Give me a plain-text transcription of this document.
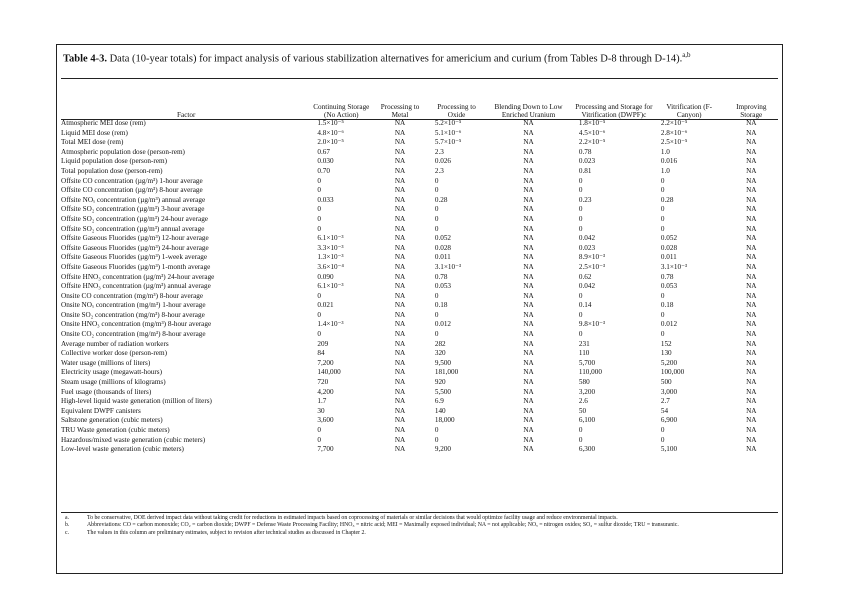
Table 4-3. Data (10-year totals) for impact analysis of various stabilization alternatives for americium and curium (from Tables D-8 through D-14).$^{a,b}$
Factor	Continuing Storage (No Action)	Processing to Metal	Processing to Oxide	Blending Down to Low Enriched Uranium	Processing and Storage for Vitrification (DWPF)c	Vitrification (F-Canyon)	Improving Storage
Atmospheric MEI dose (rem)	1.5×10⁻⁵	NA	5.2×10⁻⁵	NA	1.8×10⁻⁵	2.2×10⁻⁵	NA
Liquid MEI dose (rem)	4.8×10⁻⁶	NA	5.1×10⁻⁶	NA	4.5×10⁻⁶	2.8×10⁻⁶	NA
Total MEI dose (rem)	2.0×10⁻⁵	NA	5.7×10⁻⁵	NA	2.2×10⁻⁵	2.5×10⁻⁵	NA
Atmospheric population dose (person-rem)	0.67	NA	2.3	NA	0.78	1.0	NA
Liquid population dose (person-rem)	0.030	NA	0.026	NA	0.023	0.016	NA
Total population dose (person-rem)	0.70	NA	2.3	NA	0.81	1.0	NA
Offsite CO concentration (µg/m³) 1-hour average	0	NA	0	NA	0	0	NA
Offsite CO concentration (µg/m³) 8-hour average	0	NA	0	NA	0	0	NA
Offsite NOₓ concentration (µg/m³) annual average	0.033	NA	0.28	NA	0.23	0.28	NA
Offsite SO₂ concentration (µg/m³) 3-hour average	0	NA	0	NA	0	0	NA
Offsite SO₂ concentration (µg/m³) 24-hour average	0	NA	0	NA	0	0	NA
Offsite SO₂ concentration (µg/m³) annual average	0	NA	0	NA	0	0	NA
Offsite Gaseous Fluorides (µg/m³) 12-hour average	6.1×10⁻³	NA	0.052	NA	0.042	0.052	NA
Offsite Gaseous Fluorides (µg/m³) 24-hour average	3.3×10⁻³	NA	0.028	NA	0.023	0.028	NA
Offsite Gaseous Fluorides (µg/m³) 1-week average	1.3×10⁻³	NA	0.011	NA	8.9×10⁻³	0.011	NA
Offsite Gaseous Fluorides (µg/m³) 1-month average	3.6×10⁻⁴	NA	3.1×10⁻³	NA	2.5×10⁻³	3.1×10⁻³	NA
Offsite HNO₃ concentration (µg/m³) 24-hour average	0.090	NA	0.78	NA	0.62	0.78	NA
Offsite HNO₃ concentration (µg/m³) annual average	6.1×10⁻³	NA	0.053	NA	0.042	0.053	NA
Onsite CO concentration (mg/m³) 8-hour average	0	NA	0	NA	0	0	NA
Onsite NOₓ concentration (mg/m³) 1-hour average	0.021	NA	0.18	NA	0.14	0.18	NA
Onsite SO₂ concentration (mg/m³) 8-hour average	0	NA	0	NA	0	0	NA
Onsite HNO₃ concentration (mg/m³) 8-hour average	1.4×10⁻³	NA	0.012	NA	9.8×10⁻³	0.012	NA
Onsite CO₂ concentration (mg/m³) 8-hour average	0	NA	0	NA	0	0	NA
Average number of radiation workers	209	NA	282	NA	231	152	NA
Collective worker dose (person-rem)	84	NA	320	NA	110	130	NA
Water usage (millions of liters)	7,200	NA	9,500	NA	5,700	5,200	NA
Electricity usage (megawatt-hours)	140,000	NA	181,000	NA	110,000	100,000	NA
Steam usage (millions of kilograms)	720	NA	920	NA	580	500	NA
Fuel usage (thousands of liters)	4,200	NA	5,500	NA	3,200	3,000	NA
High-level liquid waste generation (million of liters)	1.7	NA	6.9	NA	2.6	2.7	NA
Equivalent DWPF canisters	30	NA	140	NA	50	54	NA
Saltstone generation (cubic meters)	3,600	NA	18,000	NA	6,100	6,900	NA
TRU Waste generation (cubic meters)	0	NA	0	NA	0	0	NA
Hazardous/mixed waste generation (cubic meters)	0	NA	0	NA	0	0	NA
Low-level waste generation (cubic meters)	7,700	NA	9,200	NA	6,300	5,100	NA
a.	To be conservative, DOE derived impact data without taking credit for reductions in estimated impacts based on coprocessing of materials or similar decisions that would optimize facility usage and reduce environmental impacts.
b.	Abbreviations: CO = carbon monoxide; CO₂ = carbon dioxide; DWPF = Defense Waste Processing Facility; HNO₃ = nitric acid; MEI = Maximally exposed individual; NA = not applicable; NOₓ = nitrogen oxides; SO₂ = sulfur dioxide; TRU = transuranic.
c.	The values in this column are preliminary estimates, subject to revision after technical studies as discussed in Chapter 2.
